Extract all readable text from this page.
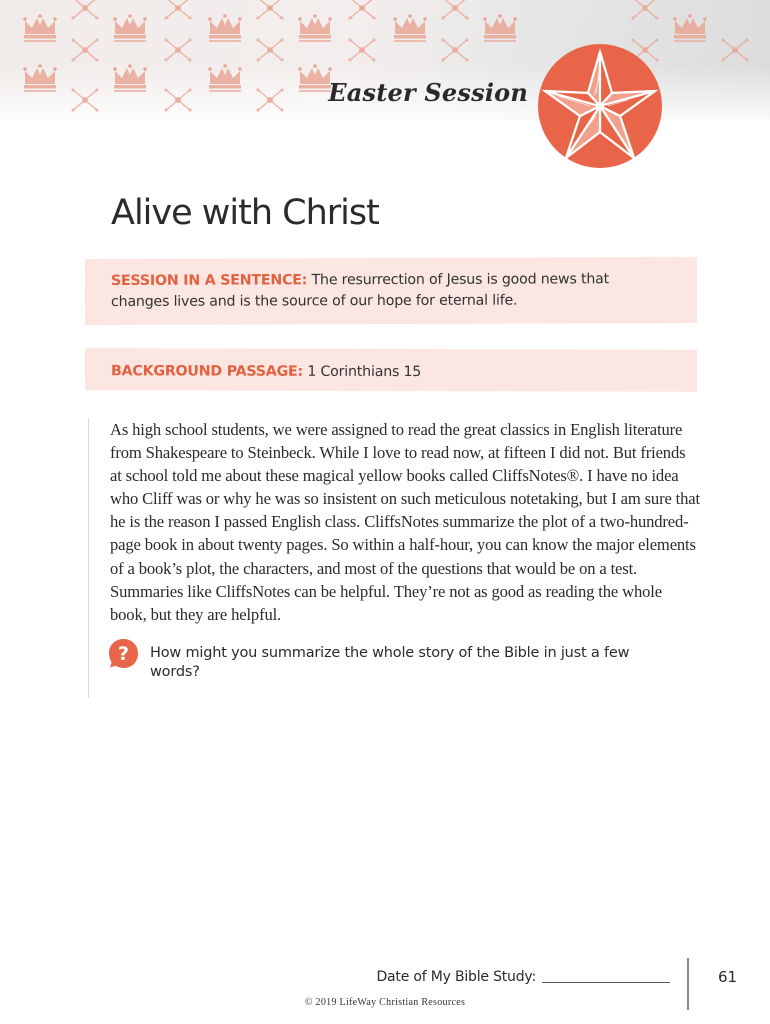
Easter Session
Alive with Christ
SESSION IN A SENTENCE: The resurrection of Jesus is good news that changes lives and is the source of our hope for eternal life.
BACKGROUND PASSAGE: 1 Corinthians 15

As high school students, we were assigned to read the great classics in English literature from Shakespeare to Steinbeck. While I love to read now, at fifteen I did not. But friends at school told me about these magical yellow books called CliffsNotes®. I have no idea who Cliff was or why he was so insistent on such meticulous notetaking, but I am sure that he is the reason I passed English class. CliffsNotes summarize the plot of a two-hundred-page book in about twenty pages. So within a half-hour, you can know the major elements of a book’s plot, the characters, and most of the questions that would be on a test. Summaries like CliffsNotes can be helpful. They’re not as good as reading the whole book, but they are helpful.

? How might you summarize the whole story of the Bible in just a few words?
Date of My Bible Study:	61
© 2019 LifeWay Christian Resources
